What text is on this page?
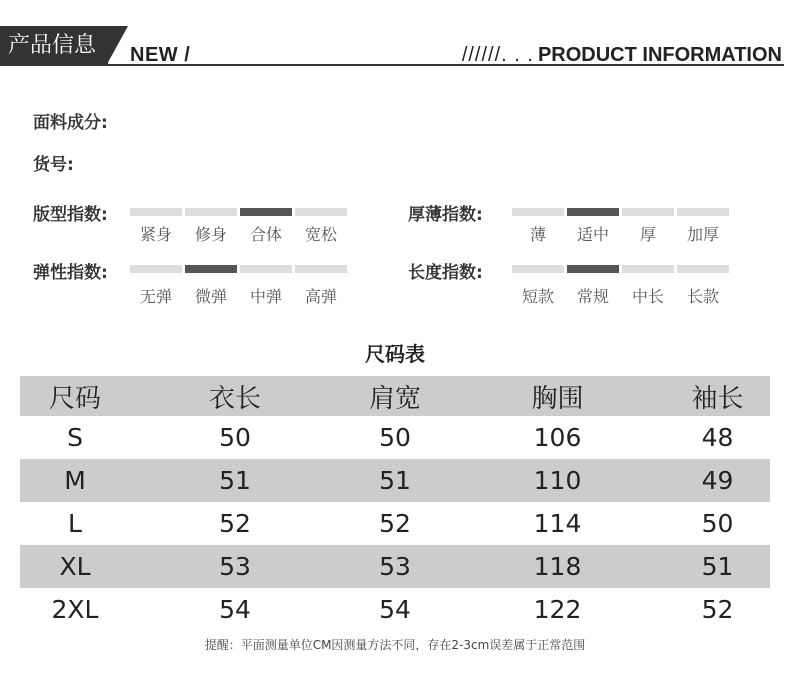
产品信息	NEW /	//////. . . PRODUCT INFORMATION
面料成分:
货号:
版型指数:
紧身	修身	合体	宽松
厚薄指数:
薄	适中	厚	加厚
弹性指数:
无弹	微弹	中弹	高弹
长度指数:
短款	常规	中长	长款
尺码表
尺码	衣长	肩宽	胸围	袖长
S	50	50	106	48
M	51	51	110	49
L	52	52	114	50
XL	53	53	118	51
2XL	54	54	122	52
提醒：平面测量单位CM因测量方法不同，存在2-3cm误差属于正常范围
